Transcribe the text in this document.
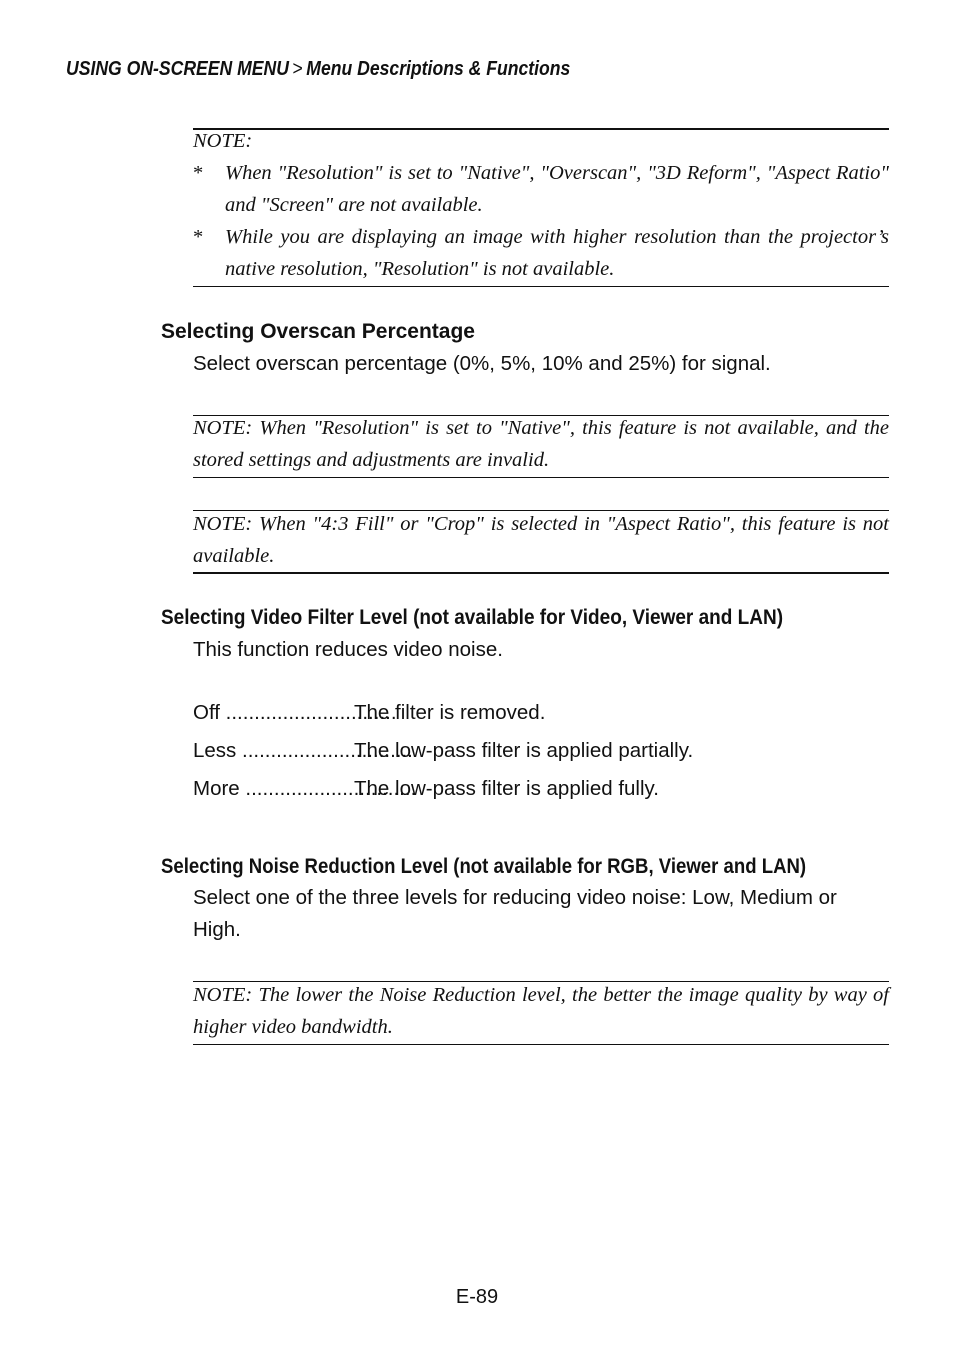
USING ON-SCREEN MENU > Menu Descriptions & Functions
NOTE:
*	When "Resolution" is set to "Native", "Overscan", "3D Reform", "Aspect Ratio" and "Screen" are not available.
*	While you are displaying an image with higher resolution than the projector’s native resolution, "Resolution" is not available.
Selecting Overscan Percentage
Select overscan percentage (0%, 5%, 10% and 25%) for signal.
NOTE: When "Resolution" is set to "Native", this feature is not available, and the stored settings and adjustments are invalid.
NOTE: When "4:3 Fill" or "Crop" is selected in "Aspect Ratio", this feature is not available.
Selecting Video Filter Level (not available for Video, Viewer and LAN)
This function reduces video noise.
Off ..............................
The filter is removed.
Less ..............................
The low-pass filter is applied partially.
More ..............................
The low-pass filter is applied fully.
Selecting Noise Reduction Level (not available for RGB, Viewer and LAN)
Select one of the three levels for reducing video noise: Low, Medium or High.
NOTE: The lower the Noise Reduction level, the better the image quality by way of higher video bandwidth.
E-89
